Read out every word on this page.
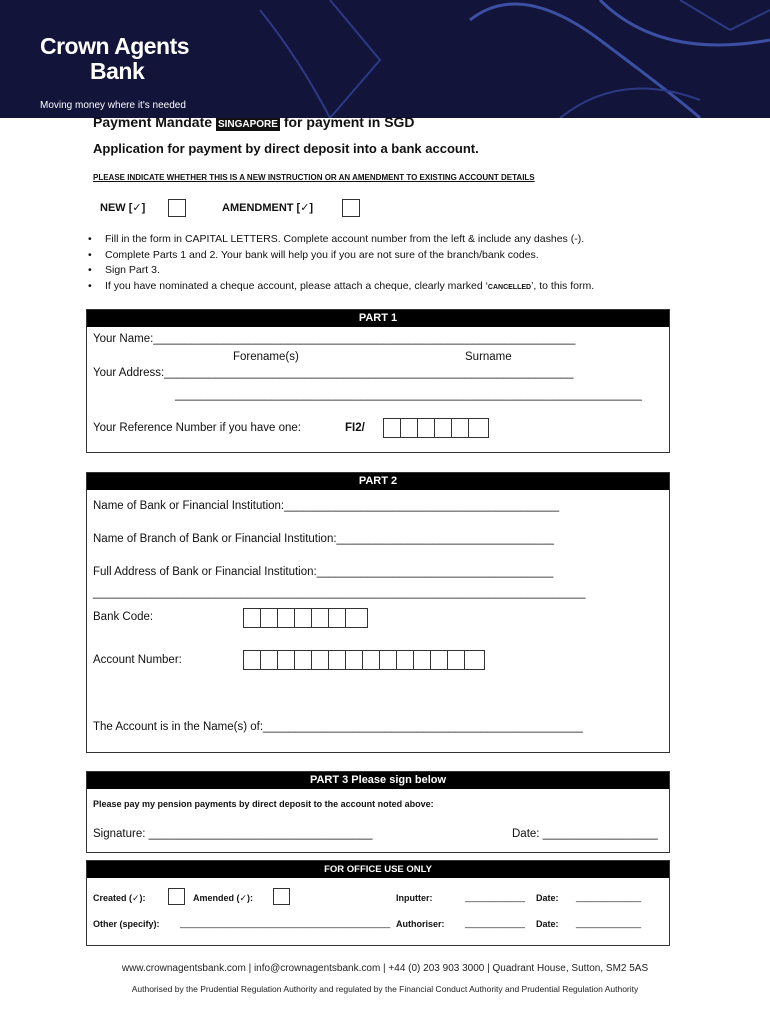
Crown Agents
Bank
Moving money where it's needed
Payment Mandate SINGAPORE for payment in SGD
Application for payment by direct deposit into a bank account.
PLEASE INDICATE WHETHER THIS IS A NEW INSTRUCTION OR AN AMENDMENT TO EXISTING ACCOUNT DETAILS
NEW [✓]	AMENDMENT [✓]
• Fill in the form in CAPITAL LETTERS. Complete account number from the left & include any dashes (-).
• Complete Parts 1 and 2. Your bank will help you if you are not sure of the branch/bank codes.
• Sign Part 3.
• If you have nominated a cheque account, please attach a cheque, clearly marked ‘CANCELLED’, to this form.
PART 1
Your Name:__________________________________________________________________
Forename(s)	Surname
Your Address:________________________________________________________________
_________________________________________________________________________
Your Reference Number if you have one:	FI2/
PART 2
Name of Bank or Financial Institution:___________________________________________
Name of Branch of Bank or Financial Institution:__________________________________
Full Address of Bank or Financial Institution:_____________________________________
_____________________________________________________________________________
Bank Code:
Account Number:
The Account is in the Name(s) of:__________________________________________________
PART 3 Please sign below
Please pay my pension payments by direct deposit to the account noted above:
Signature: ___________________________________	Date: __________________
FOR OFFICE USE ONLY
Created (✓):	Amended (✓):	Inputter:	____________ Date: _____________
Other (specify): __________________________________________ Authoriser: ____________ Date: _____________
www.crownagentsbank.com | info@crownagentsbank.com | +44 (0) 203 903 3000 | Quadrant House, Sutton, SM2 5AS
Authorised by the Prudential Regulation Authority and regulated by the Financial Conduct Authority and Prudential Regulation Authority
